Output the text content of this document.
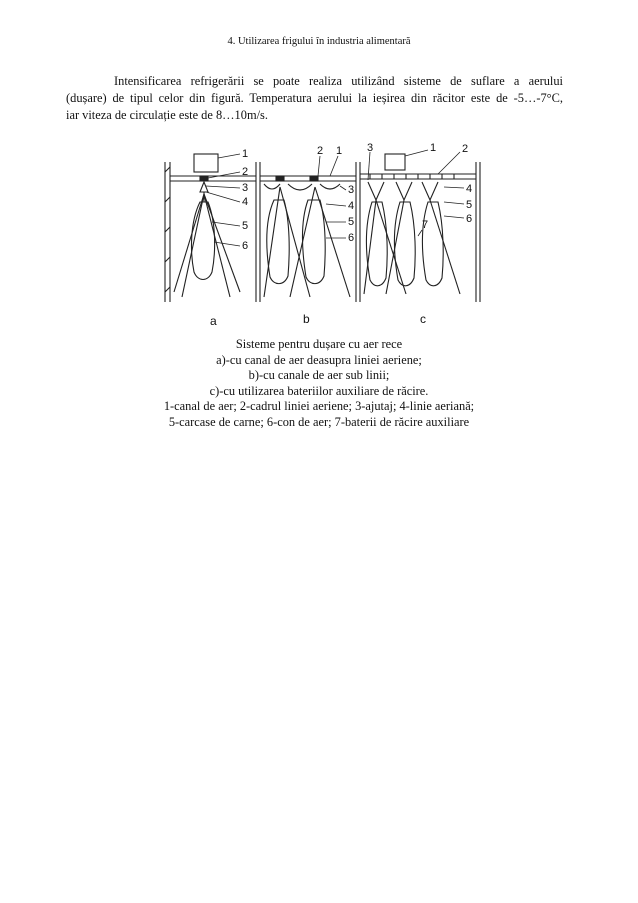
4. Utilizarea frigului în industria alimentară
Intensificarea refrigerării se poate realiza utilizând sisteme de suflare a aerului
(dușare) de tipul celor din figură. Temperatura aerului la ieșirea din răcitor este de -5…-7°C,
iar viteza de circulație este de 8…10m/s.
1
2
3
4
5
6
2 1
3
4
5
6
3	1 2
4
5
6
7
a	b	c
Sisteme pentru dușare cu aer rece
a)-cu canal de aer deasupra liniei aeriene;
b)-cu canale de aer sub linii;
c)-cu utilizarea bateriilor auxiliare de răcire.
1-canal de aer; 2-cadrul liniei aeriene; 3-ajutaj; 4-linie aeriană;
5-carcase de carne; 6-con de aer; 7-baterii de răcire auxiliare
